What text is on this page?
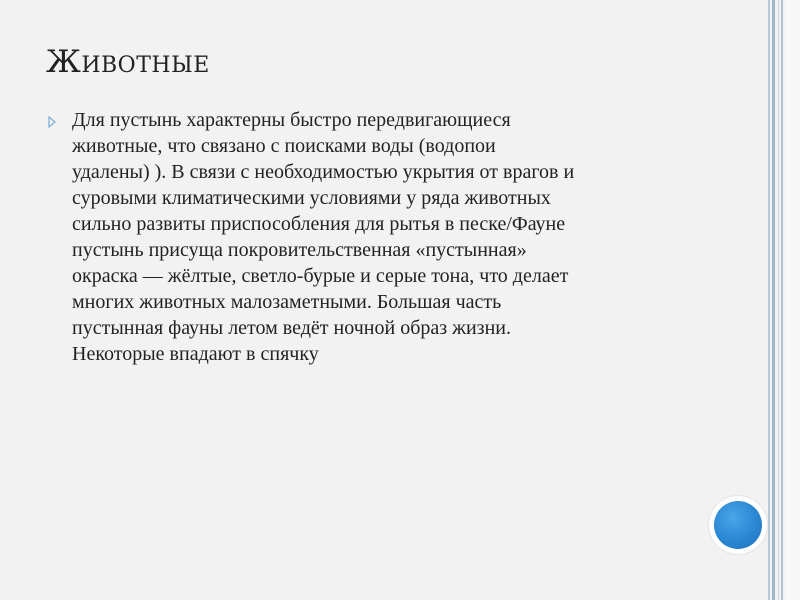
Животные
Для пустынь характерны быстро передвигающиеся
животные, что связано с поисками воды (водопои
удалены) ). В связи с необходимостью укрытия от врагов и
суровыми климатическими условиями у ряда животных
сильно развиты приспособления для рытья в песке/Фауне
пустынь присуща покровительственная «пустынная»
окраска — жёлтые, светло-бурые и серые тона, что делает
многих животных малозаметными. Большая часть
пустынная фауны летом ведёт ночной образ жизни.
Некоторые впадают в спячку
